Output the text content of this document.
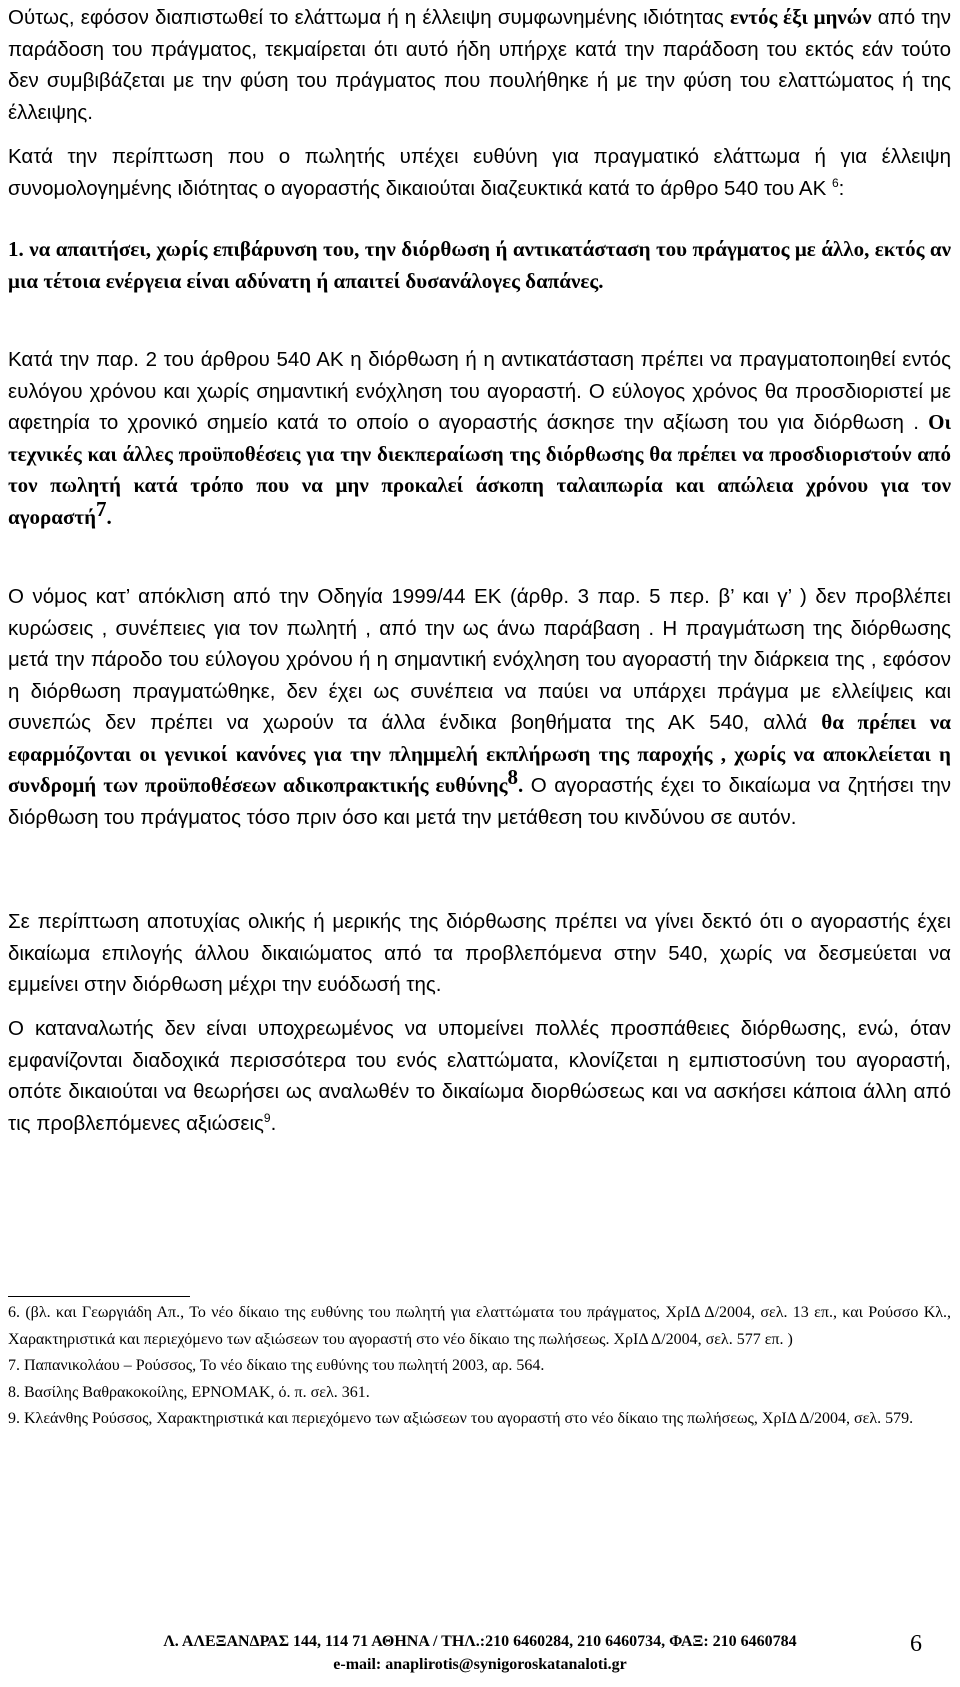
Ούτως, εφόσον διαπιστωθεί το ελάττωμα ή η έλλειψη συμφωνημένης ιδιότητας εντός έξι μηνών από την παράδοση του πράγματος, τεκμαίρεται ότι αυτό ήδη υπήρχε κατά την παράδοση του εκτός εάν τούτο δεν συμβιβάζεται με την φύση του πράγματος που πουλήθηκε ή με την φύση του ελαττώματος ή της έλλειψης.

Κατά την περίπτωση που ο πωλητής υπέχει ευθύνη για πραγματικό ελάττωμα ή για έλλειψη συνομολογημένης ιδιότητας ο αγοραστής δικαιούται διαζευκτικά κατά το άρθρο 540 του ΑΚ $^6$:

1. να απαιτήσει, χωρίς επιβάρυνση του, την διόρθωση ή αντικατάσταση του πράγματος με άλλο, εκτός αν μια τέτοια ενέργεια είναι αδύνατη ή απαιτεί δυσανάλογες δαπάνες.

Κατά την παρ. 2 του άρθρου 540 ΑΚ η διόρθωση ή η αντικατάσταση πρέπει να πραγματοποιηθεί εντός ευλόγου χρόνου και χωρίς σημαντική ενόχληση του αγοραστή. Ο εύλογος χρόνος θα προσδιοριστεί με αφετηρία το χρονικό σημείο κατά το οποίο ο αγοραστής άσκησε την αξίωση του για διόρθωση . Οι τεχνικές και άλλες προϋποθέσεις για την διεκπεραίωση της διόρθωσης θα πρέπει να προσδιοριστούν από τον πωλητή κατά τρόπο που να μην προκαλεί άσκοπη ταλαιπωρία και απώλεια χρόνου για τον αγοραστή$^7$.

Ο νόμος κατ’ απόκλιση από την Οδηγία 1999/44 ΕΚ (άρθρ. 3 παρ. 5 περ. β’ και γ’ ) δεν προβλέπει κυρώσεις , συνέπειες για τον πωλητή , από την ως άνω παράβαση . Η πραγμάτωση της διόρθωσης μετά την πάροδο του εύλογου χρόνου ή η σημαντική ενόχληση του αγοραστή την διάρκεια της , εφόσον η διόρθωση πραγματώθηκε, δεν έχει ως συνέπεια να παύει να υπάρχει πράγμα με ελλείψεις και συνεπώς δεν πρέπει να χωρούν τα άλλα ένδικα βοηθήματα της ΑΚ 540, αλλά θα πρέπει να εφαρμόζονται οι γενικοί κανόνες για την πλημμελή εκπλήρωση της παροχής , χωρίς να αποκλείεται η συνδρομή των προϋποθέσεων αδικοπρακτικής ευθύνης$^8$. Ο αγοραστής έχει το δικαίωμα να ζητήσει την διόρθωση του πράγματος τόσο πριν όσο και μετά την μετάθεση του κινδύνου σε αυτόν.

Σε περίπτωση αποτυχίας ολικής ή μερικής της διόρθωσης πρέπει να γίνει δεκτό ότι ο αγοραστής έχει δικαίωμα επιλογής άλλου δικαιώματος από τα προβλεπόμενα στην 540, χωρίς να δεσμεύεται να εμμείνει στην διόρθωση μέχρι την ευόδωσή της.

Ο καταναλωτής δεν είναι υποχρεωμένος να υπομείνει πολλές προσπάθειες διόρθωσης, ενώ, όταν εμφανίζονται διαδοχικά περισσότερα του ενός ελαττώματα, κλονίζεται η εμπιστοσύνη του αγοραστή, οπότε δικαιούται να θεωρήσει ως αναλωθέν το δικαίωμα διορθώσεως και να ασκήσει κάποια άλλη από τις προβλεπόμενες αξιώσεις$^9$.

6. (βλ. και Γεωργιάδη Απ., Το νέο δίκαιο της ευθύνης του πωλητή για ελαττώματα του πράγματος, ΧρΙΔ Δ/2004, σελ. 13 επ., και Ρούσσο Κλ., Χαρακτηριστικά και περιεχόμενο των αξιώσεων του αγοραστή στο νέο δίκαιο της πωλήσεως. ΧρΙΔ Δ/2004, σελ. 577 επ. )
7. Παπανικολάου – Ρούσσος, Το νέο δίκαιο της ευθύνης του πωλητή 2003, αρ. 564.
8. Βασίλης Βαθρακοκοίλης, ΕΡΝΟΜΑΚ, ό. π. σελ. 361.
9. Κλεάνθης Ρούσσος, Χαρακτηριστικά και περιεχόμενο των αξιώσεων του αγοραστή στο νέο δίκαιο της πωλήσεως, ΧρΙΔ Δ/2004, σελ. 579.
Λ. ΑΛΕΞΑΝΔΡΑΣ 144, 114 71 ΑΘΗΝΑ / ΤΗΛ.:210 6460284, 210 6460734, ΦΑΞ: 210 6460784
e-mail: anaplirotis@synigoroskatanaloti.gr
6
